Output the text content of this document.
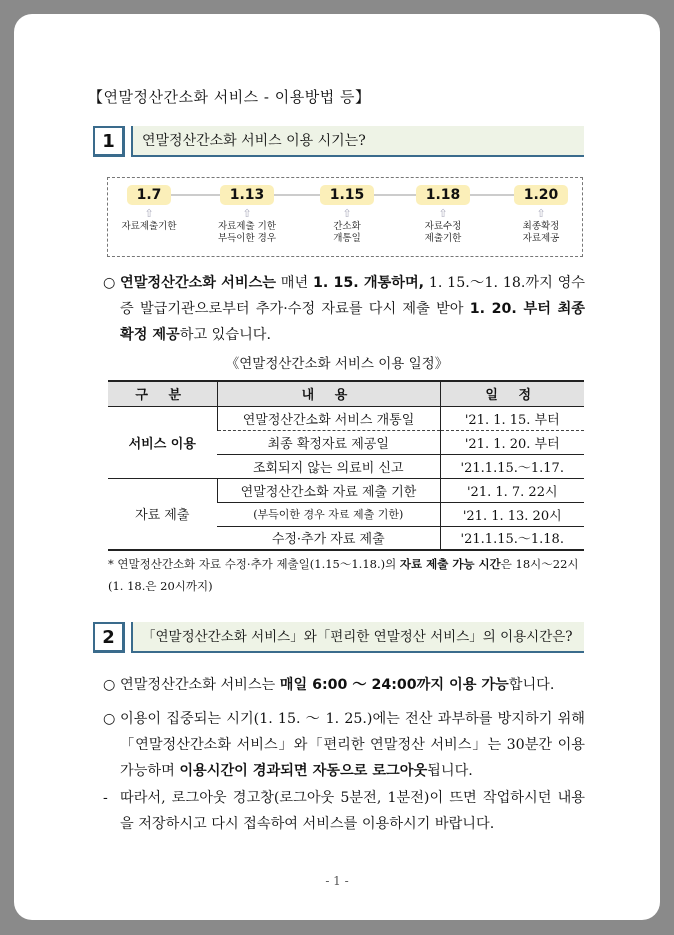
【연말정산간소화 서비스 - 이용방법 등】
1	연말정산간소화 서비스 이용 시기는?
1.7
⇧
자료제출기한
1.13
⇧
자료제출 기한
부득이한 경우
1.15
⇧
간소화
개통일
1.18
⇧
자료수정
제출기한
1.20
⇧
최종확정
자료제공
○ 연말정산간소화 서비스는 매년 1. 15. 개통하며, 1. 15.～1. 18.까지 영수증 발급기관으로부터 추가·수정 자료를 다시 제출 받아 1. 20. 부터 최종 확정 제공하고 있습니다.
《연말정산간소화 서비스 이용 일정》
구 분	내 용	일 정
서비스 이용	연말정산간소화 서비스 개통일	'21. 1. 15. 부터
	최종 확정자료 제공일	'21. 1. 20. 부터
	조회되지 않는 의료비 신고	'21.1.15.～1.17.
자료 제출	연말정산간소화 자료 제출 기한	'21. 1. 7. 22시
	(부득이한 경우 자료 제출 기한)	'21. 1. 13. 20시
	수정·추가 자료 제출	'21.1.15.～1.18.
* 연말정산간소화 자료 수정·추가 제출일(1.15～1.18.)의 자료 제출 가능 시간은 18시～22시 (1. 18.은 20시까지)
2	「연말정산간소화 서비스」와「편리한 연말정산 서비스」의 이용시간은?
○ 연말정산간소화 서비스는 매일 6:00 ～ 24:00까지 이용 가능합니다.
○ 이용이 집중되는 시기(1. 15. ～ 1. 25.)에는 전산 과부하를 방지하기 위해 「연말정산간소화 서비스」와「편리한 연말정산 서비스」는 30분간 이용 가능하며 이용시간이 경과되면 자동으로 로그아웃됩니다.
- 따라서, 로그아웃 경고창(로그아웃 5분전, 1분전)이 뜨면 작업하시던 내용을 저장하시고 다시 접속하여 서비스를 이용하시기 바랍니다.
- 1 -
